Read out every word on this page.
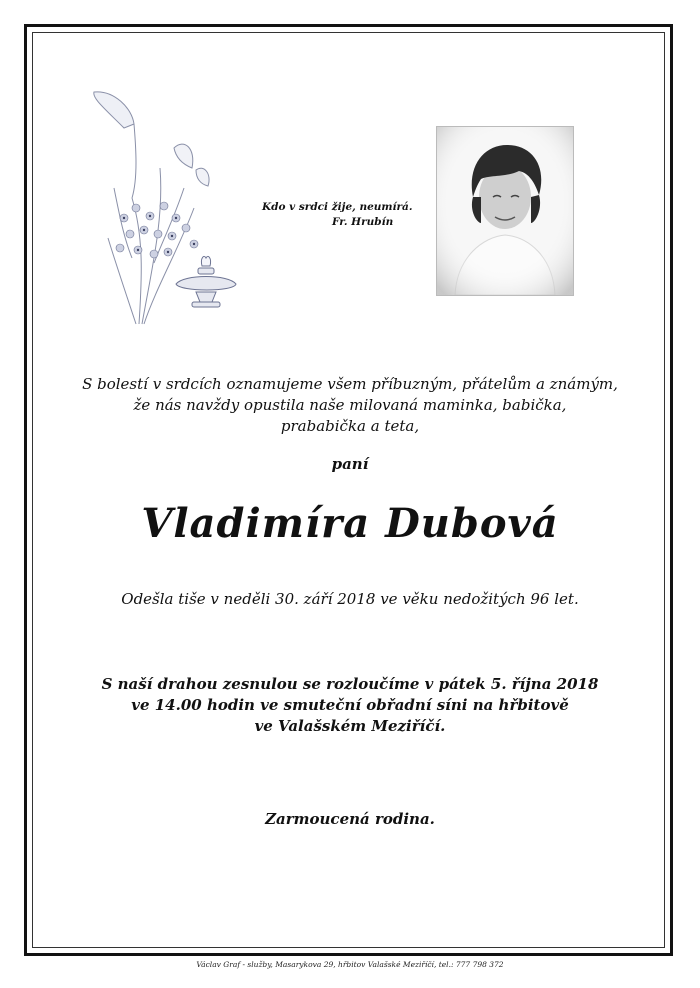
Kdo v srdci žije, neumírá.
Fr. Hrubín
S bolestí v srdcích oznamujeme všem příbuzným, přátelům a známým,
že nás navždy opustila naše milovaná maminka, babička,
prababička a teta,
paní
Vladimíra Dubová
Odešla tiše v neděli 30. září 2018 ve věku nedožitých 96 let.
S naší drahou zesnulou se rozloučíme v pátek 5. října 2018
ve 14.00 hodin ve smuteční obřadní síni na hřbitově
ve Valašském Meziříčí.
Zarmoucená rodina.
Václav Graf - služby, Masarykova 29, hřbitov Valašské Meziříčí, tel.: 777 798 372
